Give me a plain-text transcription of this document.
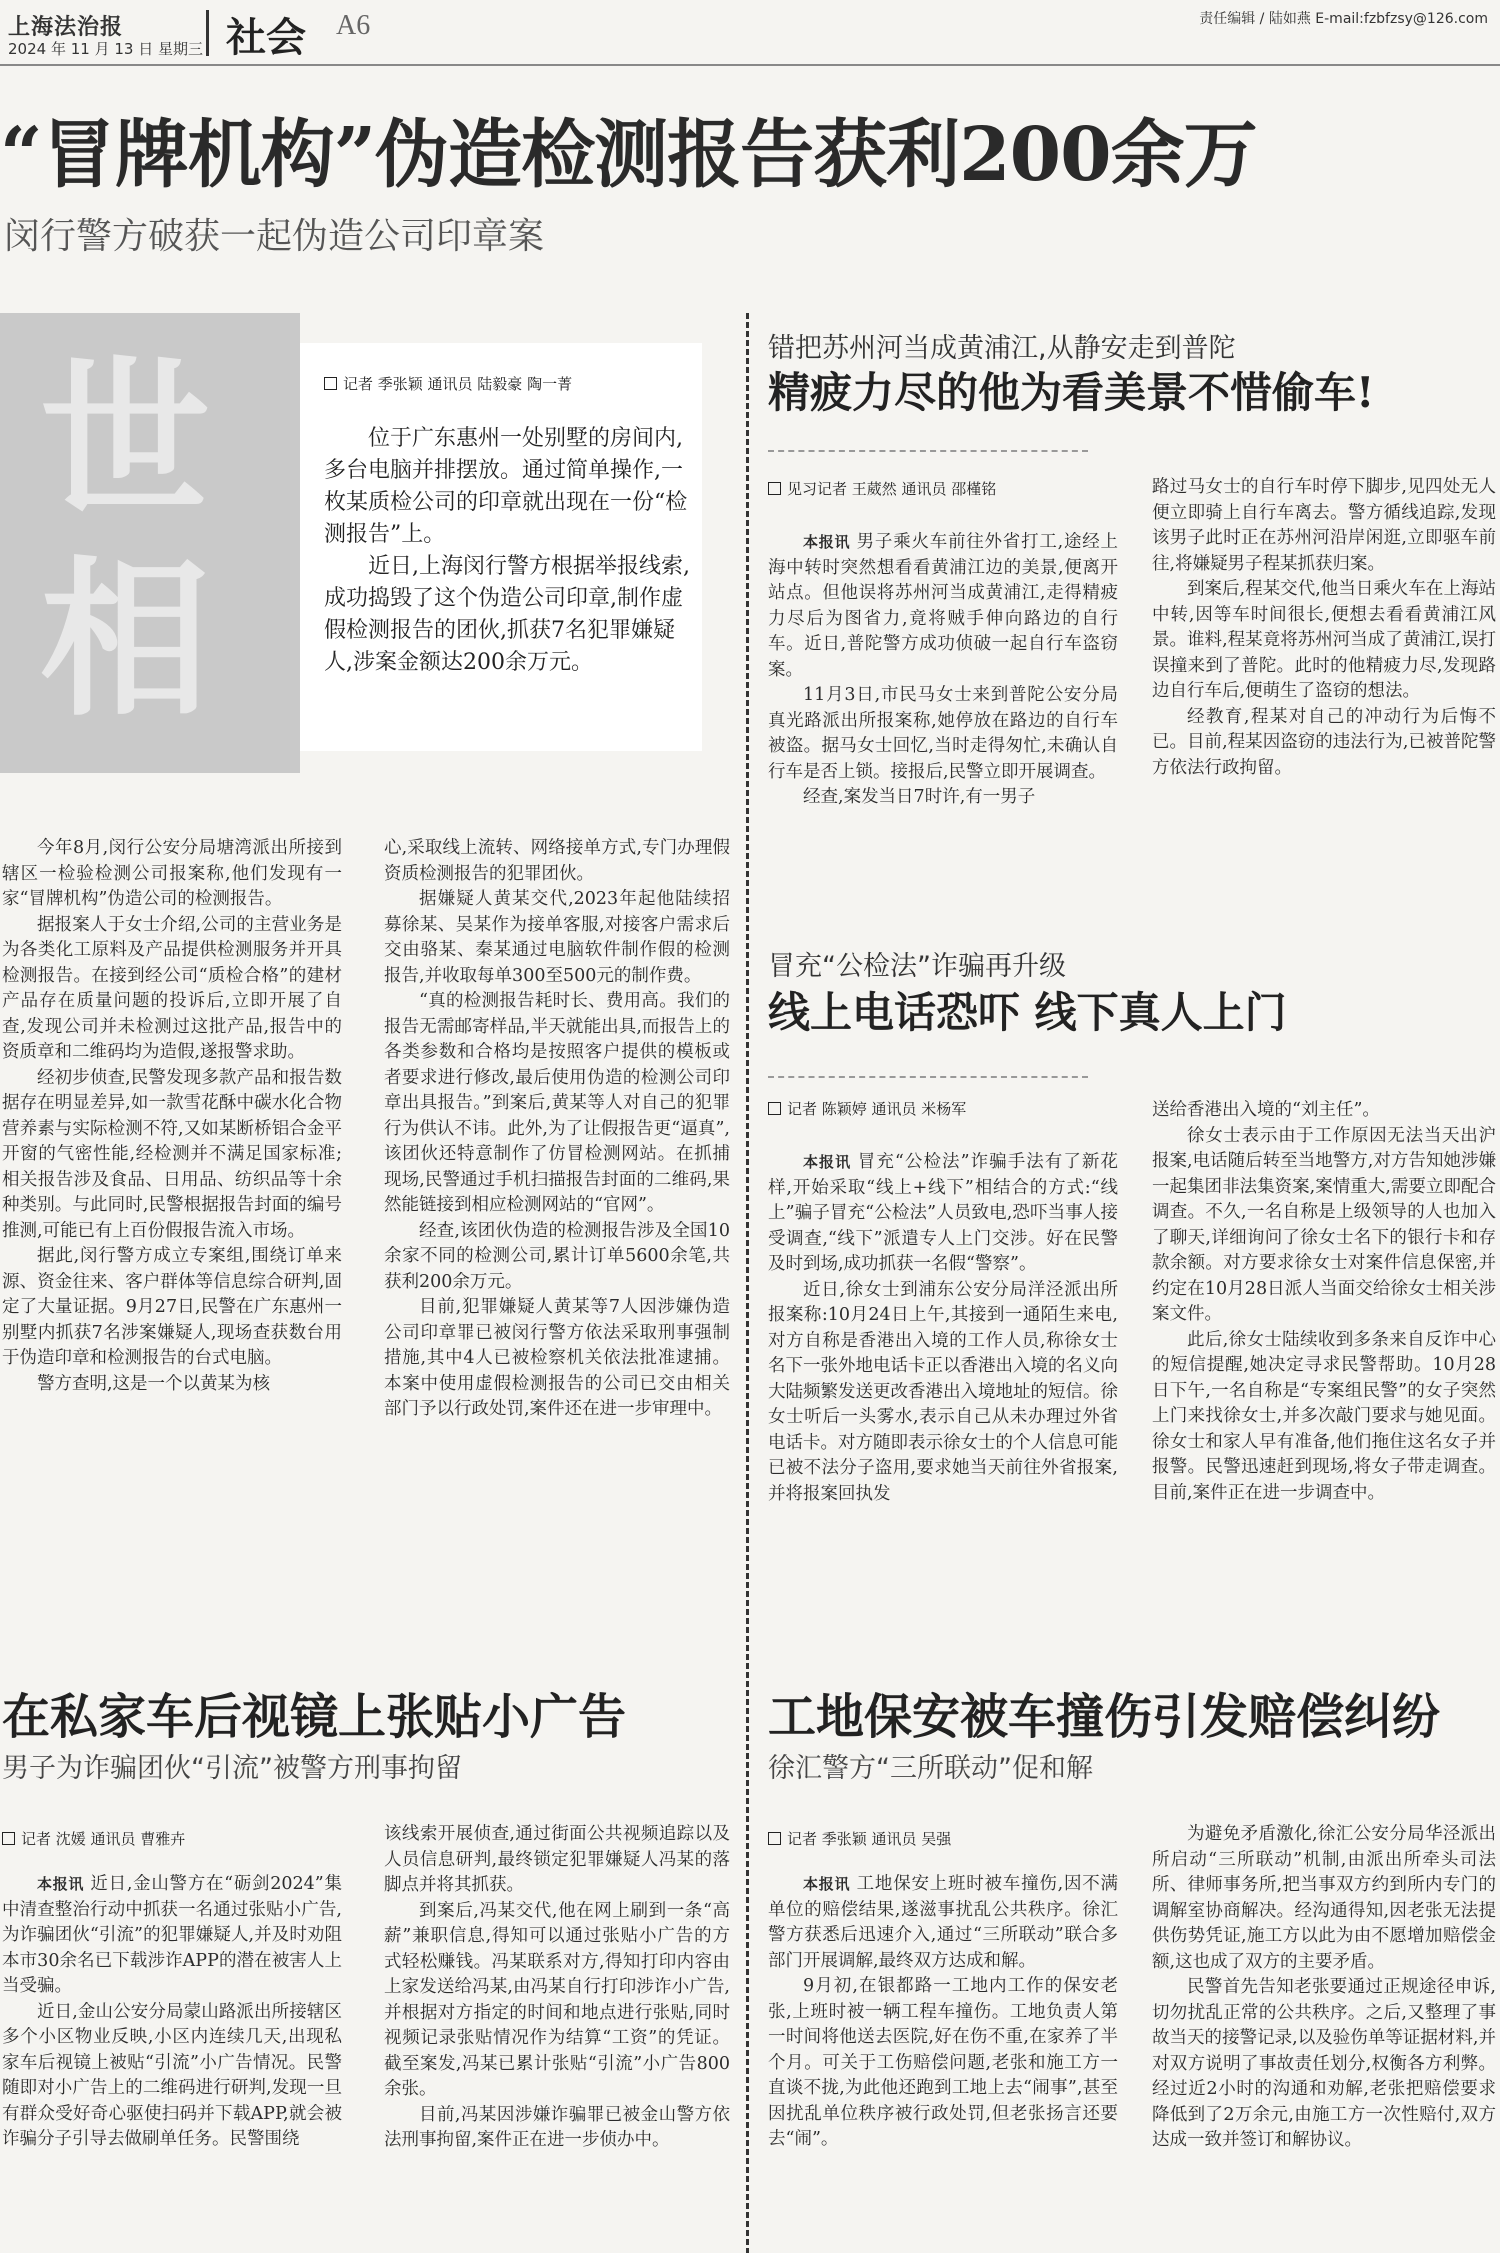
上海法治报
2024 年 11 月 13 日 星期三 社会 A6	责任编辑 / 陆如燕 E-mail:fzbfzsy@126.com
“冒牌机构”伪造检测报告获利200余万
闵行警方破获一起伪造公司印章案
世
相
记者 季张颖 通讯员 陆毅豪 陶一菁

位于广东惠州一处别墅的房间内,多台电脑并排摆放。通过简单操作,一枚某质检公司的印章就出现在一份“检测报告”上。

近日,上海闵行警方根据举报线索,成功捣毁了这个伪造公司印章,制作虚假检测报告的团伙,抓获7名犯罪嫌疑人,涉案金额达200余万元。

今年8月,闵行公安分局塘湾派出所接到辖区一检验检测公司报案称,他们发现有一家“冒牌机构”伪造公司的检测报告。

据报案人于女士介绍,公司的主营业务是为各类化工原料及产品提供检测服务并开具检测报告。在接到经公司“质检合格”的建材产品存在质量问题的投诉后,立即开展了自查,发现公司并未检测过这批产品,报告中的资质章和二维码均为造假,遂报警求助。

经初步侦查,民警发现多款产品和报告数据存在明显差异,如一款雪花酥中碳水化合物营养素与实际检测不符,又如某断桥铝合金平开窗的气密性能,经检测并不满足国家标准;相关报告涉及食品、日用品、纺织品等十余种类别。与此同时,民警根据报告封面的编号推测,可能已有上百份假报告流入市场。

据此,闵行警方成立专案组,围绕订单来源、资金往来、客户群体等信息综合研判,固定了大量证据。9月27日,民警在广东惠州一别墅内抓获7名涉案嫌疑人,现场查获数台用于伪造印章和检测报告的台式电脑。

警方查明,这是一个以黄某为核

心,采取线上流转、网络接单方式,专门办理假资质检测报告的犯罪团伙。

据嫌疑人黄某交代,2023年起他陆续招募徐某、吴某作为接单客服,对接客户需求后交由骆某、秦某通过电脑软件制作假的检测报告,并收取每单300至500元的制作费。

“真的检测报告耗时长、费用高。我们的报告无需邮寄样品,半天就能出具,而报告上的各类参数和合格均是按照客户提供的模板或者要求进行修改,最后使用伪造的检测公司印章出具报告。”到案后,黄某等人对自己的犯罪行为供认不讳。此外,为了让假报告更“逼真”,该团伙还特意制作了仿冒检测网站。在抓捕现场,民警通过手机扫描报告封面的二维码,果然能链接到相应检测网站的“官网”。

经查,该团伙伪造的检测报告涉及全国10余家不同的检测公司,累计订单5600余笔,共获利200余万元。

目前,犯罪嫌疑人黄某等7人因涉嫌伪造公司印章罪已被闵行警方依法采取刑事强制措施,其中4人已被检察机关依法批准逮捕。本案中使用虚假检测报告的公司已交由相关部门予以行政处罚,案件还在进一步审理中。

错把苏州河当成黄浦江,从静安走到普陀
精疲力尽的他为看美景不惜偷车!
见习记者 王葳然 通讯员 邵槿铭

本报讯 男子乘火车前往外省打工,途经上海中转时突然想看看黄浦江边的美景,便离开站点。但他误将苏州河当成黄浦江,走得精疲力尽后为图省力,竟将贼手伸向路边的自行车。近日,普陀警方成功侦破一起自行车盗窃案。

11月3日,市民马女士来到普陀公安分局真光路派出所报案称,她停放在路边的自行车被盗。据马女士回忆,当时走得匆忙,未确认自行车是否上锁。接报后,民警立即开展调查。

经查,案发当日7时许,有一男子

路过马女士的自行车时停下脚步,见四处无人便立即骑上自行车离去。警方循线追踪,发现该男子此时正在苏州河沿岸闲逛,立即驱车前往,将嫌疑男子程某抓获归案。

到案后,程某交代,他当日乘火车在上海站中转,因等车时间很长,便想去看看黄浦江风景。谁料,程某竟将苏州河当成了黄浦江,误打误撞来到了普陀。此时的他精疲力尽,发现路边自行车后,便萌生了盗窃的想法。

经教育,程某对自己的冲动行为后悔不已。目前,程某因盗窃的违法行为,已被普陀警方依法行政拘留。

冒充“公检法”诈骗再升级
线上电话恐吓 线下真人上门
记者 陈颖婷 通讯员 米杨军

本报讯 冒充“公检法”诈骗手法有了新花样,开始采取“线上+线下”相结合的方式:“线上”骗子冒充“公检法”人员致电,恐吓当事人接受调查,“线下”派遣专人上门交涉。好在民警及时到场,成功抓获一名假“警察”。

近日,徐女士到浦东公安分局洋泾派出所报案称:10月24日上午,其接到一通陌生来电,对方自称是香港出入境的工作人员,称徐女士名下一张外地电话卡正以香港出入境的名义向大陆频繁发送更改香港出入境地址的短信。徐女士听后一头雾水,表示自己从未办理过外省电话卡。对方随即表示徐女士的个人信息可能已被不法分子盗用,要求她当天前往外省报案,并将报案回执发

送给香港出入境的“刘主任”。

徐女士表示由于工作原因无法当天出沪报案,电话随后转至当地警方,对方告知她涉嫌一起集团非法集资案,案情重大,需要立即配合调查。不久,一名自称是上级领导的人也加入了聊天,详细询问了徐女士名下的银行卡和存款余额。对方要求徐女士对案件信息保密,并约定在10月28日派人当面交给徐女士相关涉案文件。

此后,徐女士陆续收到多条来自反诈中心的短信提醒,她决定寻求民警帮助。10月28日下午,一名自称是“专案组民警”的女子突然上门来找徐女士,并多次敲门要求与她见面。徐女士和家人早有准备,他们拖住这名女子并报警。民警迅速赶到现场,将女子带走调查。目前,案件正在进一步调查中。

在私家车后视镜上张贴小广告
男子为诈骗团伙“引流”被警方刑事拘留
记者 沈媛 通讯员 曹雅卉

本报讯 近日,金山警方在“砺剑2024”集中清查整治行动中抓获一名通过张贴小广告,为诈骗团伙“引流”的犯罪嫌疑人,并及时劝阻本市30余名已下载涉诈APP的潜在被害人上当受骗。

近日,金山公安分局蒙山路派出所接辖区多个小区物业反映,小区内连续几天,出现私家车后视镜上被贴“引流”小广告情况。民警随即对小广告上的二维码进行研判,发现一旦有群众受好奇心驱使扫码并下载APP,就会被诈骗分子引导去做刷单任务。民警围绕

该线索开展侦查,通过街面公共视频追踪以及人员信息研判,最终锁定犯罪嫌疑人冯某的落脚点并将其抓获。

到案后,冯某交代,他在网上刷到一条“高薪”兼职信息,得知可以通过张贴小广告的方式轻松赚钱。冯某联系对方,得知打印内容由上家发送给冯某,由冯某自行打印涉诈小广告,并根据对方指定的时间和地点进行张贴,同时视频记录张贴情况作为结算“工资”的凭证。截至案发,冯某已累计张贴“引流”小广告800余张。

目前,冯某因涉嫌诈骗罪已被金山警方依法刑事拘留,案件正在进一步侦办中。

工地保安被车撞伤引发赔偿纠纷
徐汇警方“三所联动”促和解
记者 季张颖 通讯员 吴强

本报讯 工地保安上班时被车撞伤,因不满单位的赔偿结果,遂滋事扰乱公共秩序。徐汇警方获悉后迅速介入,通过“三所联动”联合多部门开展调解,最终双方达成和解。

9月初,在银都路一工地内工作的保安老张,上班时被一辆工程车撞伤。工地负责人第一时间将他送去医院,好在伤不重,在家养了半个月。可关于工伤赔偿问题,老张和施工方一直谈不拢,为此他还跑到工地上去“闹事”,甚至因扰乱单位秩序被行政处罚,但老张扬言还要去“闹”。

为避免矛盾激化,徐汇公安分局华泾派出所启动“三所联动”机制,由派出所牵头司法所、律师事务所,把当事双方约到所内专门的调解室协商解决。经沟通得知,因老张无法提供伤势凭证,施工方以此为由不愿增加赔偿金额,这也成了双方的主要矛盾。

民警首先告知老张要通过正规途径申诉,切勿扰乱正常的公共秩序。之后,又整理了事故当天的接警记录,以及验伤单等证据材料,并对双方说明了事故责任划分,权衡各方利弊。经过近2小时的沟通和劝解,老张把赔偿要求降低到了2万余元,由施工方一次性赔付,双方达成一致并签订和解协议。
